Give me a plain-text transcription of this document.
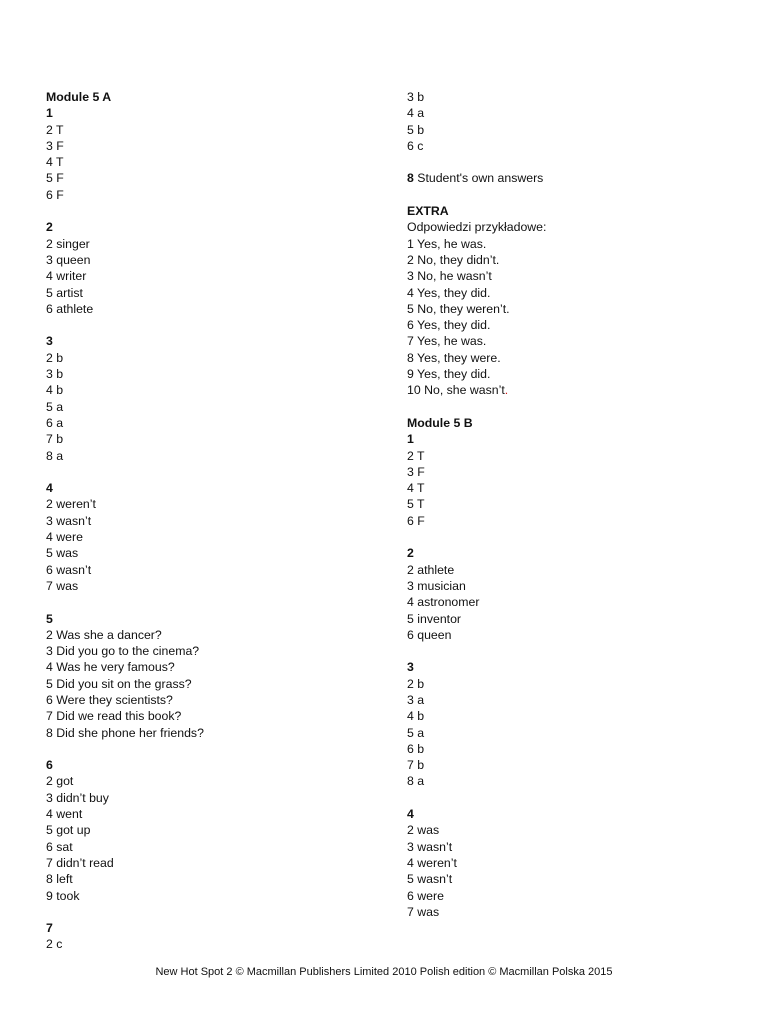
Module 5 A
1
2 T
3 F
4 T
5 F
6 F
2
2 singer
3 queen
4 writer
5 artist
6 athlete
3
2 b
3 b
4 b
5 a
6 a
7 b
8 a
4
2 weren’t
3 wasn’t
4 were
5 was
6 wasn’t
7 was
5
2 Was she a dancer?
3 Did you go to the cinema?
4 Was he very famous?
5 Did you sit on the grass?
6 Were they scientists?
7 Did we read this book?
8 Did she phone her friends?
6
2 got
3 didn’t buy
4 went
5 got up
6 sat
7 didn’t read
8 left
9 took
7
2 c
3 b
4 a
5 b
6 c
8 Student's own answers
EXTRA
Odpowiedzi przykładowe:
1 Yes, he was.
2 No, they didn’t.
3 No, he wasn’t
4 Yes, they did.
5 No, they weren’t.
6 Yes, they did.
7 Yes, he was.
8 Yes, they were.
9 Yes, they did.
10 No, she wasn’t.
Module 5 B
1
2 T
3 F
4 T
5 T
6 F
2
2 athlete
3 musician
4 astronomer
5 inventor
6 queen
3
2 b
3 a
4 b
5 a
6 b
7 b
8 a
4
2 was
3 wasn’t
4 weren’t
5 wasn’t
6 were
7 was
New Hot Spot 2 © Macmillan Publishers Limited 2010 Polish edition © Macmillan Polska 2015
